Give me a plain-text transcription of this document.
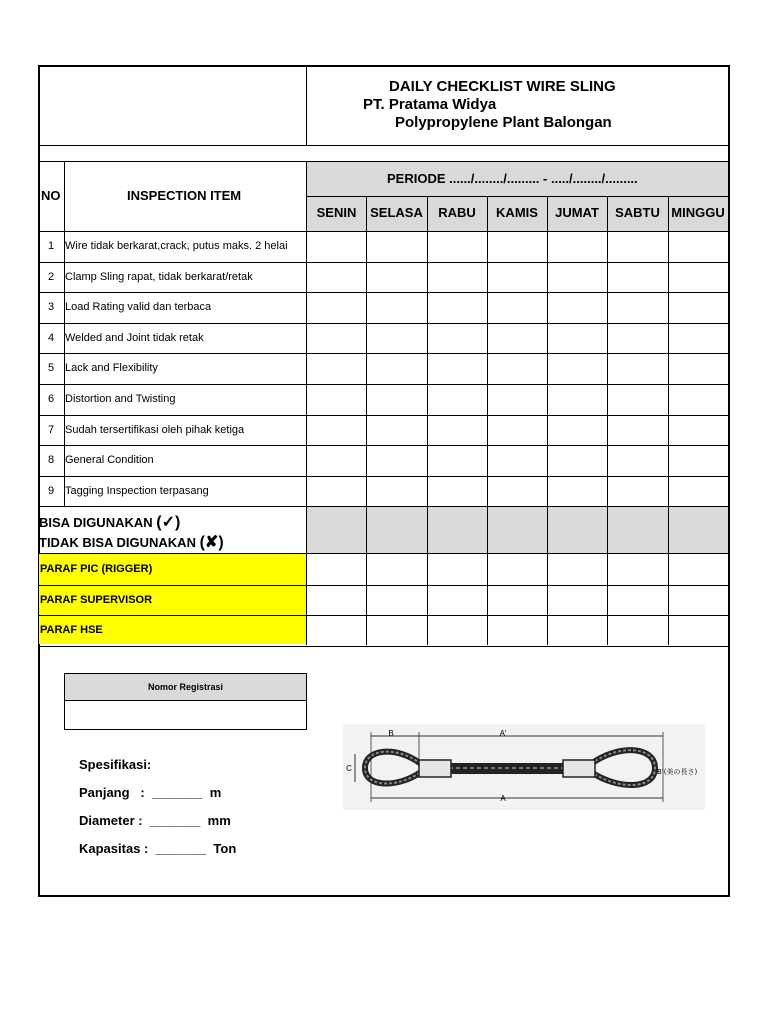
DAILY CHECKLIST WIRE SLING
PT. Pratama Widya
Polypropylene Plant Balongan
NO	INSPECTION ITEM
PERIODE ....../......../......... - ...../......../.........
SENIN	SELASA	RABU	KAMIS	JUMAT	SABTU MINGGU
1 Wire tidak berkarat,crack, putus maks. 2 helai
2 Clamp Sling rapat, tidak berkarat/retak
3 Load Rating valid dan terbaca
4 Welded and Joint tidak retak
5 Lack and Flexibility
6 Distortion and Twisting
7 Sudah tersertifikasi oleh pihak ketiga
8 General Condition
9 Tagging Inspection terpasang
BISA DIGUNAKAN (✓)
TIDAK BISA DIGUNAKAN (✘)
PARAF PIC (RIGGER)
PARAF SUPERVISOR
PARAF HSE
Nomor Registrasi
Spesifikasi:
Panjang   :  _______  m
Diameter :  _______  mm
Kapasitas :  _______  Ton
B	A'
A
C	B'(美の長さ)
